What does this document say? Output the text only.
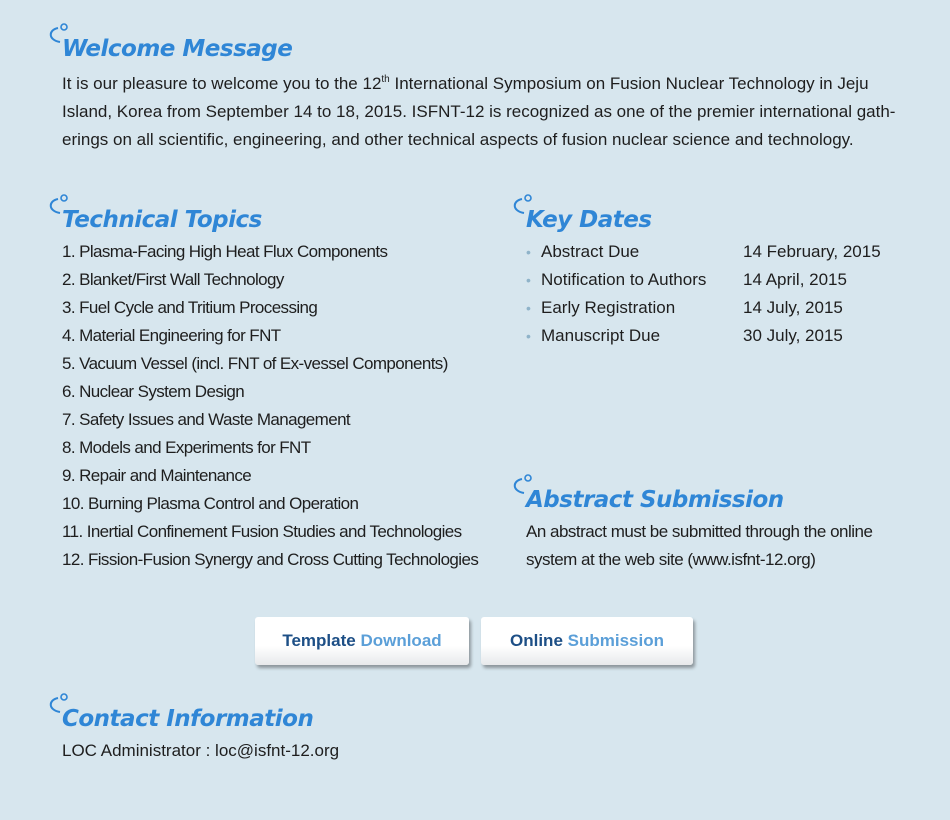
Welcome Message

It is our pleasure to welcome you to the 12th International Symposium on Fusion Nuclear Technology in Jeju Island, Korea from September 14 to 18, 2015. ISFNT-12 is recognized as one of the premier international gath-erings on all scientific, engineering, and other technical aspects of fusion nuclear science and technology.

Technical Topics
1. Plasma-Facing High Heat Flux Components
2. Blanket/First Wall Technology
3. Fuel Cycle and Tritium Processing
4. Material Engineering for FNT
5. Vacuum Vessel (incl. FNT of Ex-vessel Components)
6. Nuclear System Design
7. Safety Issues and Waste Management
8. Models and Experiments for FNT
9. Repair and Maintenance
10. Burning Plasma Control and Operation
11. Inertial Confinement Fusion Studies and Technologies
12. Fission-Fusion Synergy and Cross Cutting Technologies
Key Dates
• Abstract Due	14 February, 2015
• Notification to Authors	14 April, 2015
• Early Registration	14 July, 2015
• Manuscript Due	30 July, 2015
Abstract Submission

An abstract must be submitted through the online system at the web site (www.isfnt-12.org)

Template
Download	Online
Submission
Contact Information

LOC Administrator : loc@isfnt-12.org
